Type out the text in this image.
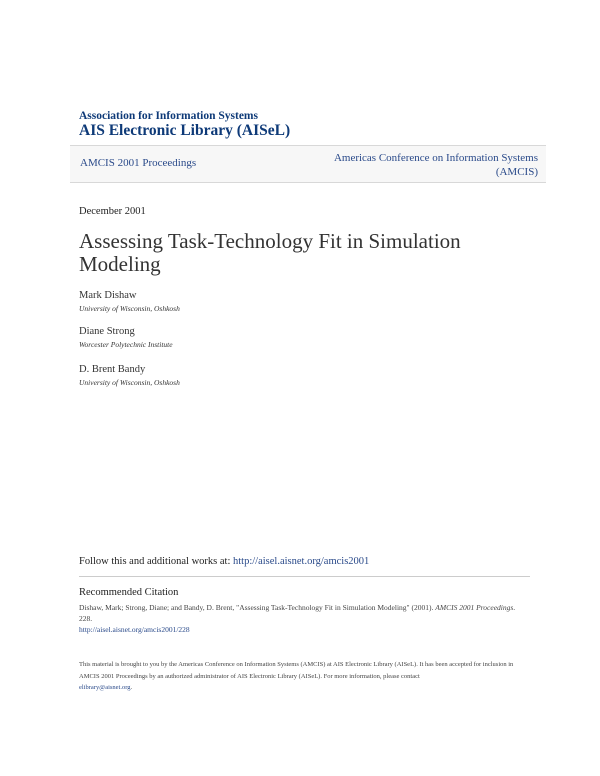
Association for Information Systems
AIS Electronic Library (AISeL)
AMCIS 2001 Proceedings	Americas Conference on Information Systems
(AMCIS)
December 2001
Assessing Task-Technology Fit in Simulation Modeling
Mark Dishaw
University of Wisconsin, Oshkosh
Diane Strong
Worcester Polytechnic Institute
D. Brent Bandy
University of Wisconsin, Oshkosh
Follow this and additional works at: http://aisel.aisnet.org/amcis2001
Recommended Citation
Dishaw, Mark; Strong, Diane; and Bandy, D. Brent, "Assessing Task-Technology Fit in Simulation Modeling" (2001). AMCIS 2001 Proceedings. 228.
http://aisel.aisnet.org/amcis2001/228
This material is brought to you by the Americas Conference on Information Systems (AMCIS) at AIS Electronic Library (AISeL). It has been accepted for inclusion in AMCIS 2001 Proceedings by an authorized administrator of AIS Electronic Library (AISeL). For more information, please contact
elibrary@aisnet.org.
